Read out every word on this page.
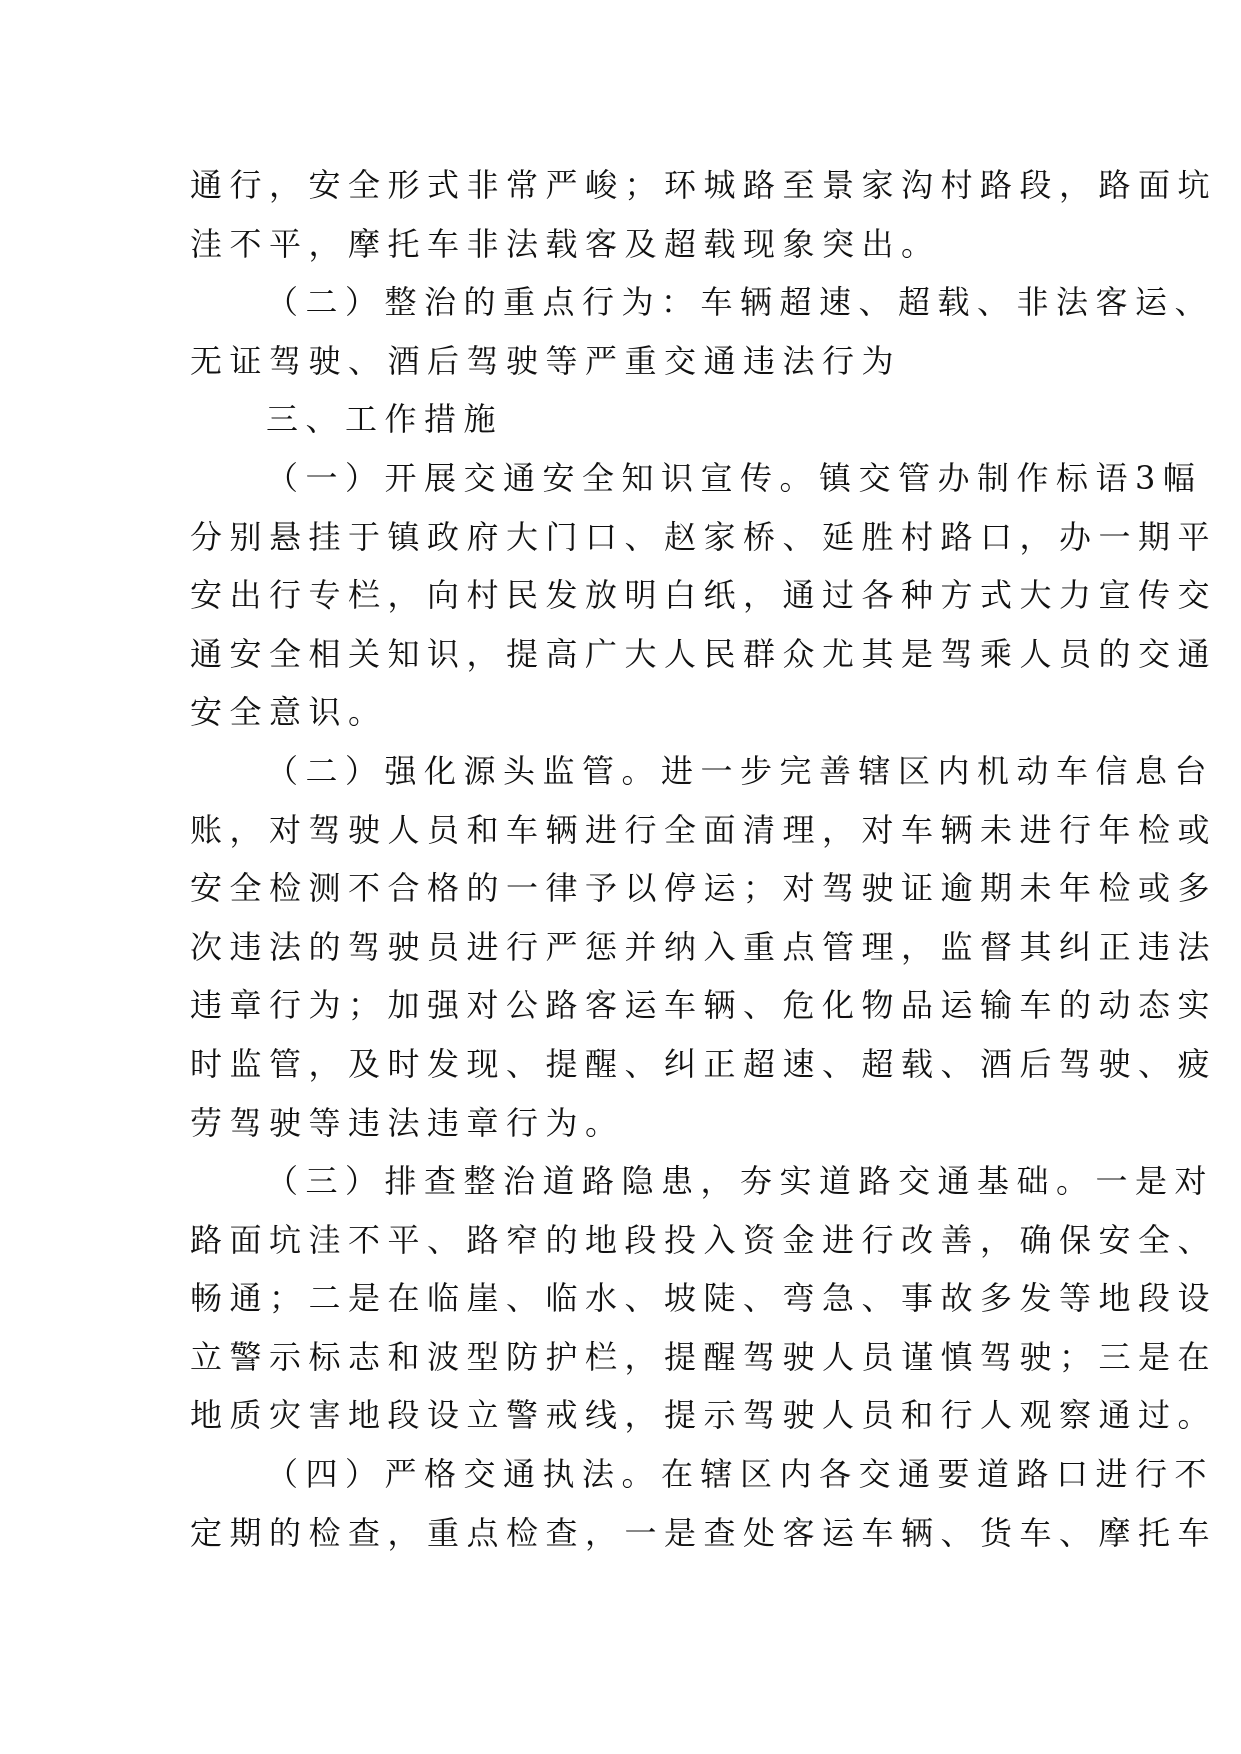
通行，安全形式非常严峻；环城路至景家沟村路段，路面坑
洼不平，摩托车非法载客及超载现象突出。
（二）整治的重点行为：车辆超速、超载、非法客运、
无证驾驶、酒后驾驶等严重交通违法行为
三、工作措施
（一）开展交通安全知识宣传。镇交管办制作标语3幅
分别悬挂于镇政府大门口、赵家桥、延胜村路口，办一期平
安出行专栏，向村民发放明白纸，通过各种方式大力宣传交
通安全相关知识，提高广大人民群众尤其是驾乘人员的交通
安全意识。
（二）强化源头监管。进一步完善辖区内机动车信息台
账，对驾驶人员和车辆进行全面清理，对车辆未进行年检或
安全检测不合格的一律予以停运；对驾驶证逾期未年检或多
次违法的驾驶员进行严惩并纳入重点管理，监督其纠正违法
违章行为；加强对公路客运车辆、危化物品运输车的动态实
时监管，及时发现、提醒、纠正超速、超载、酒后驾驶、疲
劳驾驶等违法违章行为。
（三）排查整治道路隐患，夯实道路交通基础。一是对
路面坑洼不平、路窄的地段投入资金进行改善，确保安全、
畅通；二是在临崖、临水、坡陡、弯急、事故多发等地段设
立警示标志和波型防护栏，提醒驾驶人员谨慎驾驶；三是在
地质灾害地段设立警戒线，提示驾驶人员和行人观察通过。
（四）严格交通执法。在辖区内各交通要道路口进行不
定期的检查，重点检查，一是查处客运车辆、货车、摩托车
